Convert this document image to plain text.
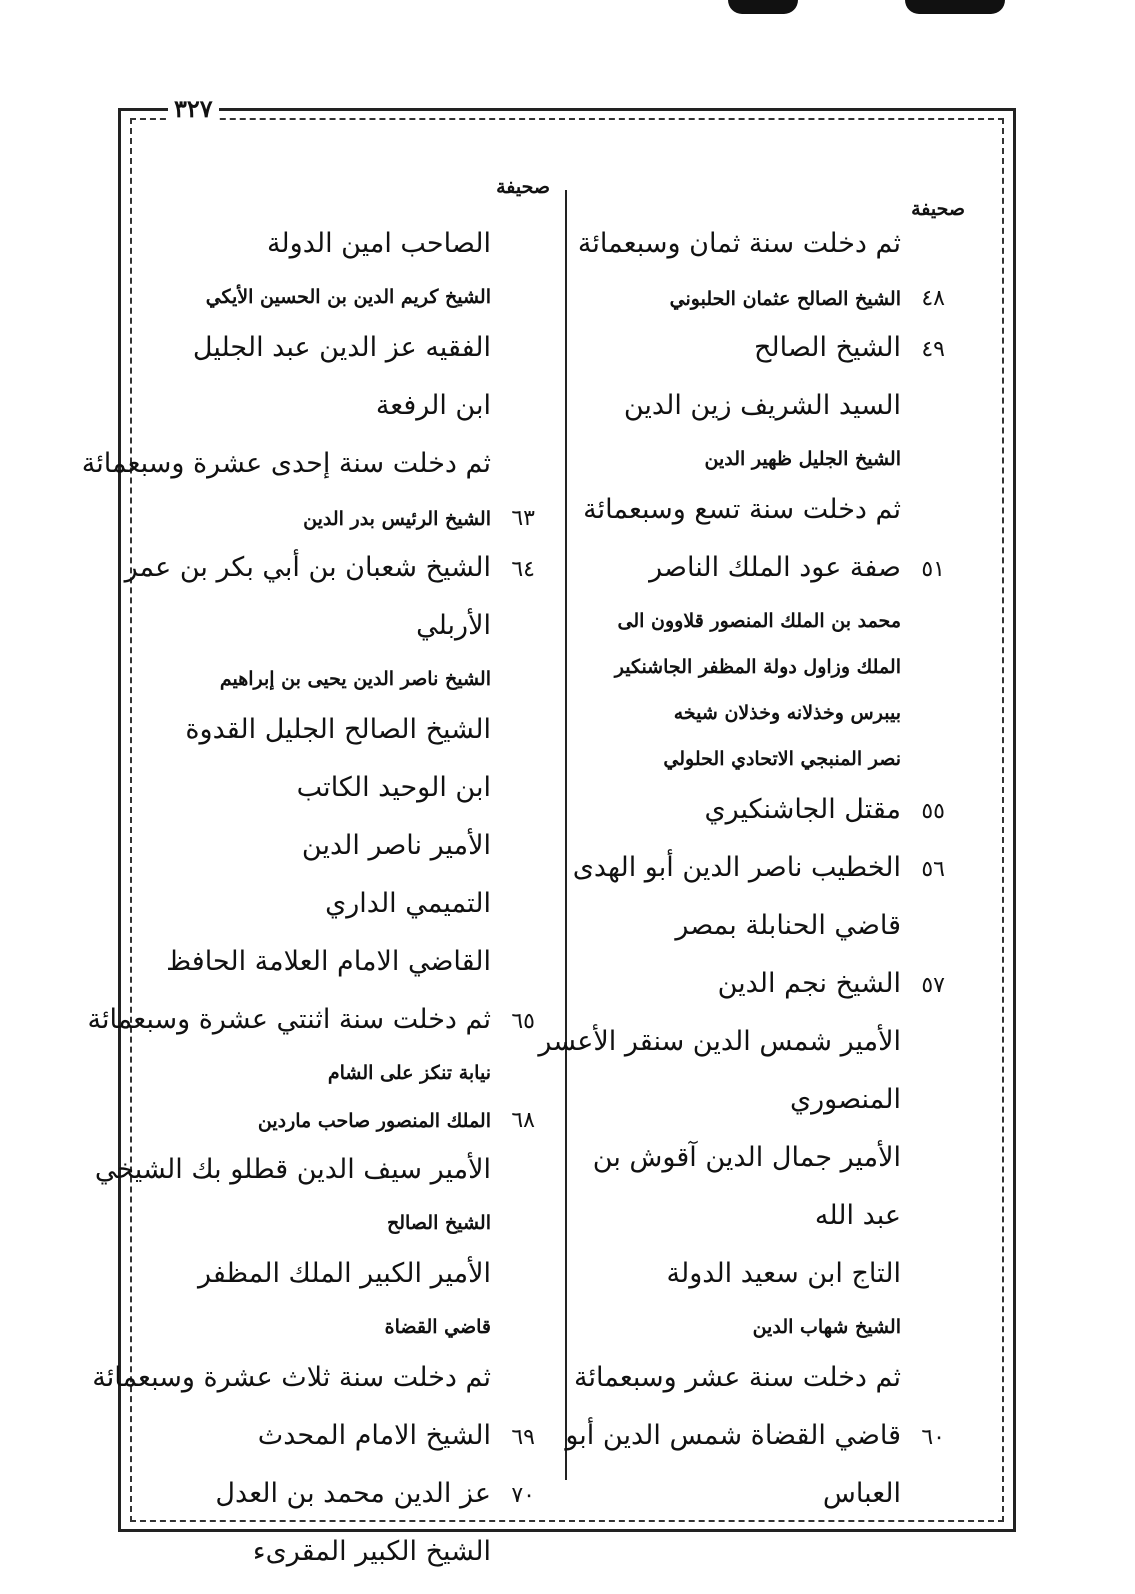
٣٢٧
صحيفة
صحيفة
ثم دخلت سنة ثمان وسبعمائة
٤٨
الشيخ الصالح عثمان الحلبوني
٤٩
الشيخ الصالح
السيد الشريف زين الدين
الشيخ الجليل ظهير الدين
ثم دخلت سنة تسع وسبعمائة
٥١
صفة عود الملك الناصر
محمد بن الملك المنصور قلاوون الى
الملك وزاول دولة المظفر الجاشنكير
بيبرس وخذلانه وخذلان شيخه
نصر المنبجي الاتحادي الحلولي
٥٥
مقتل الجاشنكيري
٥٦
الخطيب ناصر الدين أبو الهدى
قاضي الحنابلة بمصر
٥٧
الشيخ نجم الدين
الأمير شمس الدين سنقر الأعسر
المنصوري
الأمير جمال الدين آقوش بن
عبد الله
التاج ابن سعيد الدولة
الشيخ شهاب الدين
ثم دخلت سنة عشر وسبعمائة
٦٠
قاضي القضاة شمس الدين أبو
العباس
الصاحب امين الدولة
الشيخ كريم الدين بن الحسين الأيكي
الفقيه عز الدين عبد الجليل
ابن الرفعة
ثم دخلت سنة إحدى عشرة وسبعمائة
٦٣
الشيخ الرئيس بدر الدين
٦٤
الشيخ شعبان بن أبي بكر بن عمر
الأربلي
الشيخ ناصر الدين يحيى بن إبراهيم
الشيخ الصالح الجليل القدوة
ابن الوحيد الكاتب
الأمير ناصر الدين
التميمي الداري
القاضي الامام العلامة الحافظ
٦٥
ثم دخلت سنة اثنتي عشرة وسبعمائة
نيابة تنكز على الشام
٦٨
الملك المنصور صاحب ماردين
الأمير سيف الدين قطلو بك الشيخي
الشيخ الصالح
الأمير الكبير الملك المظفر
قاضي القضاة
ثم دخلت سنة ثلاث عشرة وسبعمائة
٦٩
الشيخ الامام المحدث
٧٠
عز الدين محمد بن العدل
الشيخ الكبير المقرىء
